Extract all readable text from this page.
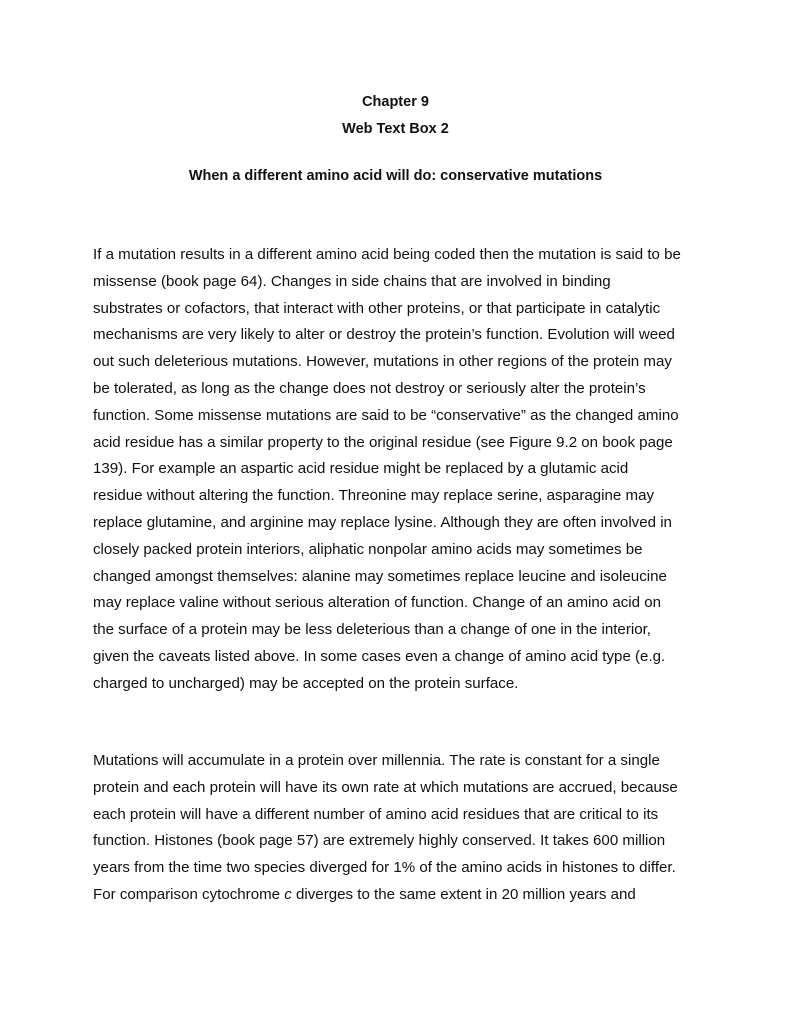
Chapter 9
Web Text Box 2
When a different amino acid will do: conservative mutations
If a mutation results in a different amino acid being coded then the mutation is said to be
missense (book page 64). Changes in side chains that are involved in binding
substrates or cofactors, that interact with other proteins, or that participate in catalytic
mechanisms are very likely to alter or destroy the protein’s function. Evolution will weed
out such deleterious mutations. However, mutations in other regions of the protein may
be tolerated, as long as the change does not destroy or seriously alter the protein’s
function. Some missense mutations are said to be “conservative” as the changed amino
acid residue has a similar property to the original residue (see Figure 9.2 on book page
139). For example an aspartic acid residue might be replaced by a glutamic acid
residue without altering the function. Threonine may replace serine, asparagine may
replace glutamine, and arginine may replace lysine. Although they are often involved in
closely packed protein interiors, aliphatic nonpolar amino acids may sometimes be
changed amongst themselves: alanine may sometimes replace leucine and isoleucine
may replace valine without serious alteration of function. Change of an amino acid on
the surface of a protein may be less deleterious than a change of one in the interior,
given the caveats listed above. In some cases even a change of amino acid type (e.g.
charged to uncharged) may be accepted on the protein surface.
Mutations will accumulate in a protein over millennia. The rate is constant for a single
protein and each protein will have its own rate at which mutations are accrued, because
each protein will have a different number of amino acid residues that are critical to its
function. Histones (book page 57) are extremely highly conserved. It takes 600 million
years from the time two species diverged for 1% of the amino acids in histones to differ.
For comparison cytochrome c diverges to the same extent in 20 million years and
